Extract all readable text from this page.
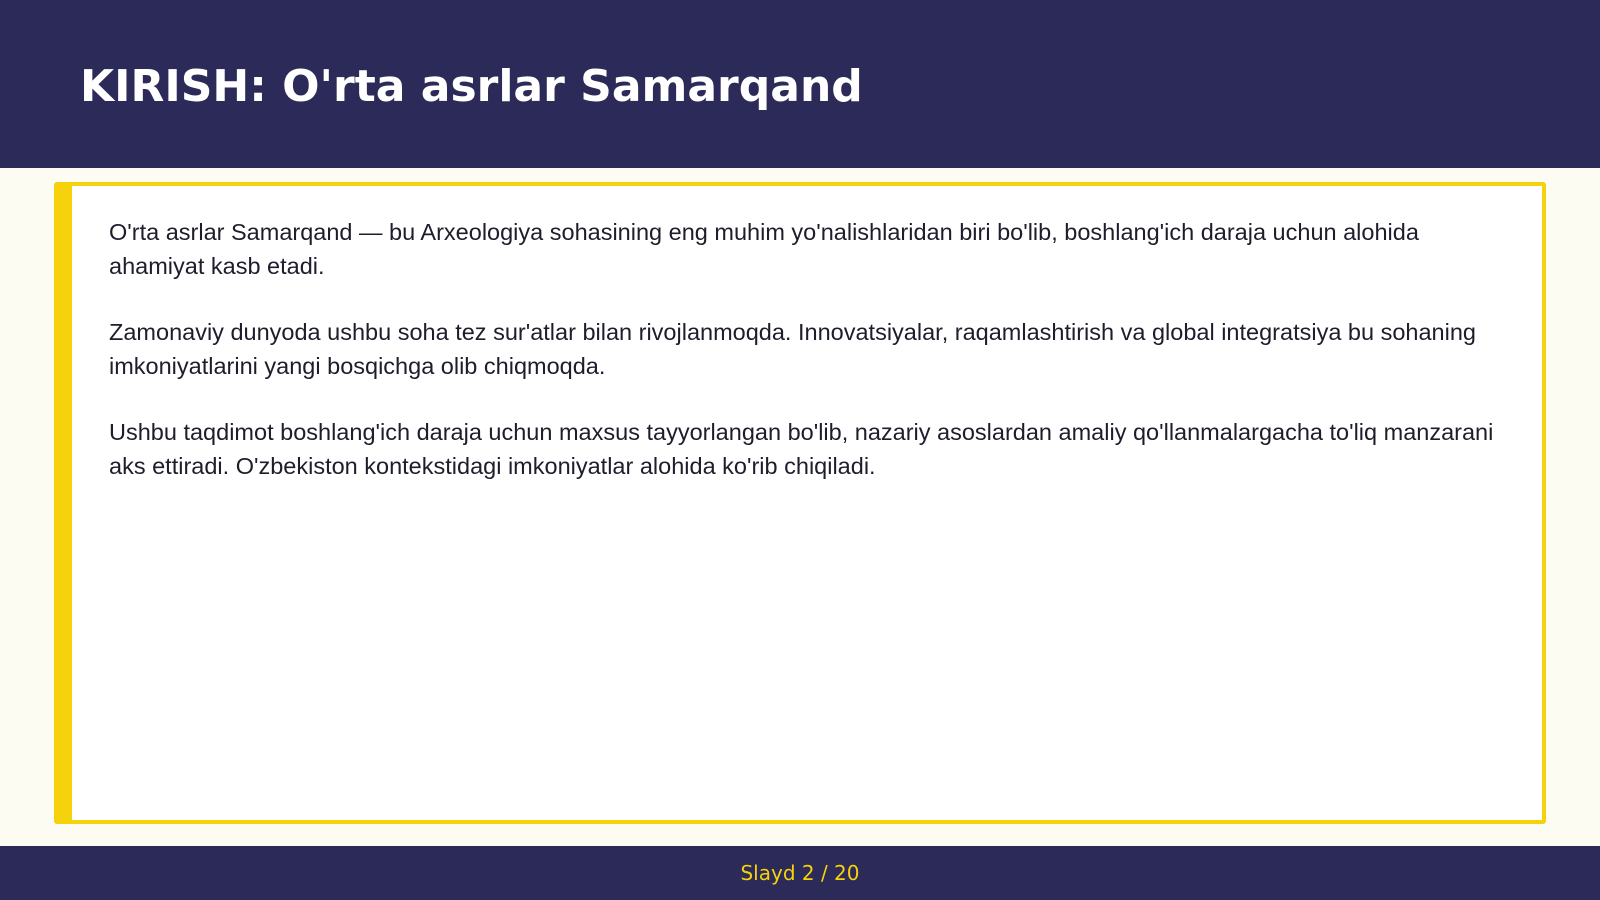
KIRISH: O'rta asrlar Samarqand

O'rta asrlar Samarqand — bu Arxeologiya sohasining eng muhim yo'nalishlaridan biri bo'lib, boshlang'ich daraja uchun alohida ahamiyat kasb etadi.

Zamonaviy dunyoda ushbu soha tez sur'atlar bilan rivojlanmoqda. Innovatsiyalar, raqamlashtirish va global integratsiya bu sohaning imkoniyatlarini yangi bosqichga olib chiqmoqda.

Ushbu taqdimot boshlang'ich daraja uchun maxsus tayyorlangan bo'lib, nazariy asoslardan amaliy qo'llanmalargacha to'liq manzarani aks ettiradi. O'zbekiston kontekstidagi imkoniyatlar alohida ko'rib chiqiladi.

Slayd 2 / 20
